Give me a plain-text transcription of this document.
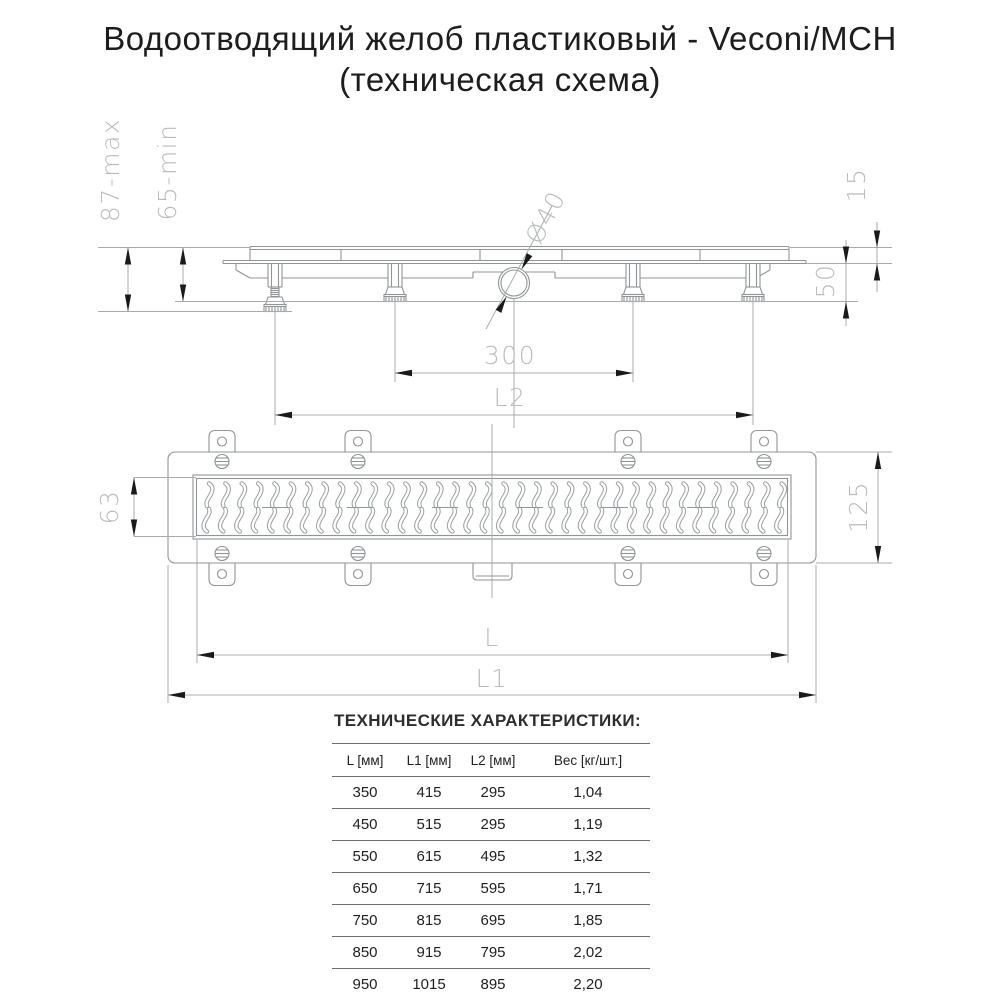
Водоотводящий желоб пластиковый - Veconi/MCH
(техническая схема)
87-max 65-min	15
50
Ø40
300
L2
63	125
L
L1
ТЕХНИЧЕСКИЕ ХАРАКТЕРИСТИКИ:
L [мм]	L1 [мм]	L2 [мм]	Вес [кг/шт.]
350	415	295	1,04
450	515	295	1,19
550	615	495	1,32
650	715	595	1,71
750	815	695	1,85
850	915	795	2,02
950	1015	895	2,20
